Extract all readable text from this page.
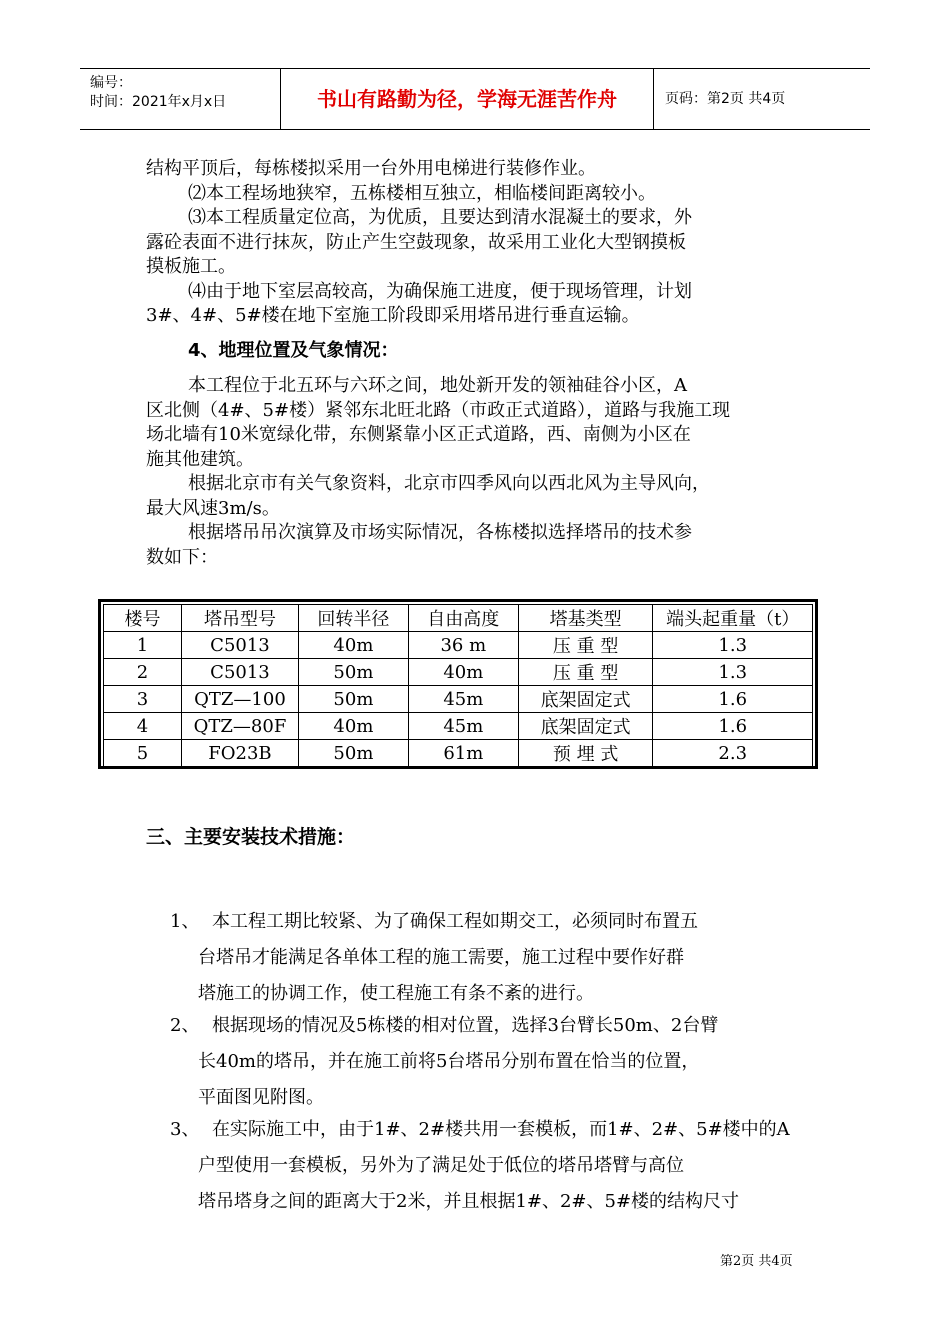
编号：
时间：2021年x月x日	书山有路勤为径，学海无涯苦作舟	页码：第2页 共4页
结构平顶后，每栋楼拟采用一台外用电梯进行装修作业。
⑵本工程场地狭窄，五栋楼相互独立，相临楼间距离较小。
⑶本工程质量定位高，为优质，且要达到清水混凝土的要求，外
露砼表面不进行抹灰，防止产生空鼓现象，故采用工业化大型钢摸板
摸板施工。
⑷由于地下室层高较高，为确保施工进度，便于现场管理，计划
3#、4#、5#楼在地下室施工阶段即采用塔吊进行垂直运输。
4、地理位置及气象情况：
本工程位于北五环与六环之间，地处新开发的领袖硅谷小区，A
区北侧（4#、5#楼）紧邻东北旺北路（市政正式道路），道路与我施工现
场北墙有10米宽绿化带，东侧紧靠小区正式道路，西、南侧为小区在
施其他建筑。
根据北京市有关气象资料，北京市四季风向以西北风为主导风向，
最大风速3m/s。
根据塔吊吊次演算及市场实际情况，各栋楼拟选择塔吊的技术参
数如下：
楼号	塔吊型号	回转半径	自由高度	塔基类型	端头起重量（t）
1	C5013	40m	36 m	压 重 型	1.3
2	C5013	50m	40m	压 重 型	1.3
3	QTZ—100	50m	45m	底架固定式	1.6
4	QTZ—80F	40m	45m	底架固定式	1.6
5	FO23B	50m	61m	预 埋 式	2.3
三、主要安装技术措施：
1、 本工程工期比较紧、为了确保工程如期交工，必须同时布置五
台塔吊才能满足各单体工程的施工需要，施工过程中要作好群
塔施工的协调工作，使工程施工有条不紊的进行。
2、 根据现场的情况及5栋楼的相对位置，选择3台臂长50m、2台臂
长40m的塔吊，并在施工前将5台塔吊分别布置在恰当的位置，
平面图见附图。
3、 在实际施工中，由于1#、2#楼共用一套模板，而1#、2#、5#楼中的A
户型使用一套模板，另外为了满足处于低位的塔吊塔臂与高位
塔吊塔身之间的距离大于2米，并且根据1#、2#、5#楼的结构尺寸
第2页 共4页
